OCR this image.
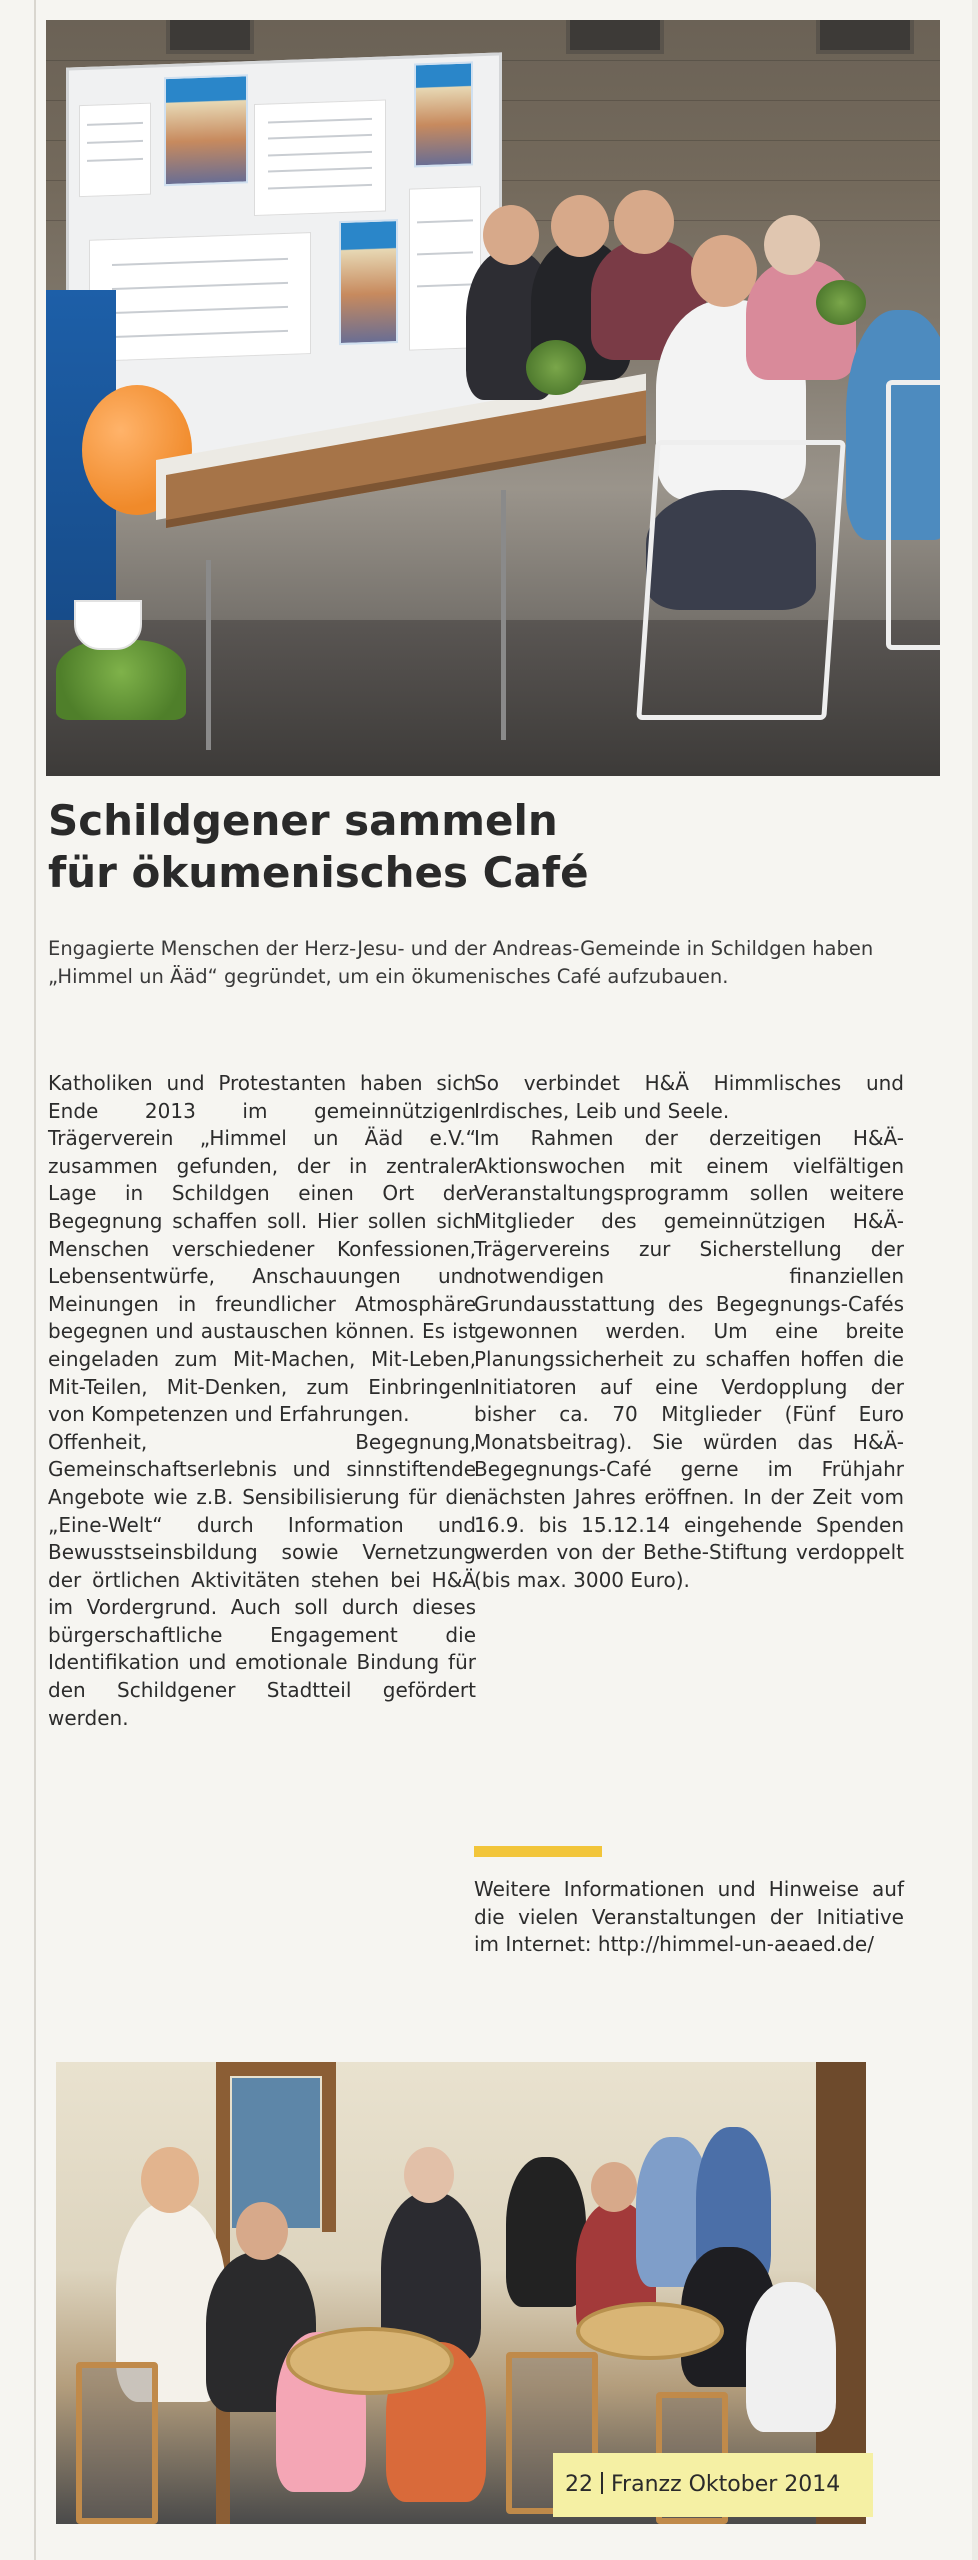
Schildgener sammeln
für ökumenisches Café

Engagierte Menschen der Herz-Jesu- und der Andreas-Gemeinde in Schildgen haben „Himmel un Ääd“ gegründet, um ein ökumenisches Café aufzubauen.

Katholiken und Protestanten haben sich Ende 2013 im gemeinnützigen Trägerverein „Himmel un Ääd e.V.“ zusammen gefunden, der in zentraler Lage in Schildgen einen Ort der Begegnung schaffen soll. Hier sollen sich Menschen verschiedener Konfessionen, Lebensentwürfe, Anschauungen und Meinungen in freundlicher Atmosphäre begegnen und austauschen können. Es ist eingeladen zum Mit-Machen, Mit-Leben, Mit-Teilen, Mit-Denken, zum Einbringen von Kompetenzen und Erfahrungen.

Offenheit, Begegnung, Gemeinschaftserlebnis und sinnstiftende Angebote wie z.B. Sensibilisierung für die „Eine-Welt“ durch Information und Bewusstseinsbildung sowie Vernetzung der örtlichen Aktivitäten stehen bei H&Ä im Vordergrund. Auch soll durch dieses bürgerschaftliche Engagement die Identifikation und emotionale Bindung für den Schildgener Stadtteil gefördert werden.

So verbindet H&Ä Himmlisches und Irdisches, Leib und Seele.

Im Rahmen der derzeitigen H&Ä-Aktionswochen mit einem vielfältigen Veranstaltungsprogramm sollen weitere Mitglieder des gemeinnützigen H&Ä-Trägervereins zur Sicherstellung der notwendigen finanziellen Grundausstattung des Begegnungs-Cafés gewonnen werden. Um eine breite Planungssicherheit zu schaffen hoffen die Initiatoren auf eine Verdopplung der bisher ca. 70 Mitglieder (Fünf Euro Monatsbeitrag). Sie würden das H&Ä-Begegnungs-Café gerne im Frühjahr nächsten Jahres eröffnen. In der Zeit vom 16.9. bis 15.12.14 eingehende Spenden werden von der Bethe-Stiftung verdoppelt (bis max. 3000 Euro).

Weitere Informationen und Hinweise auf die vielen Veranstaltungen der Initiative im Internet: http://himmel-un-aeaed.de/

22 Franzz Oktober 2014
